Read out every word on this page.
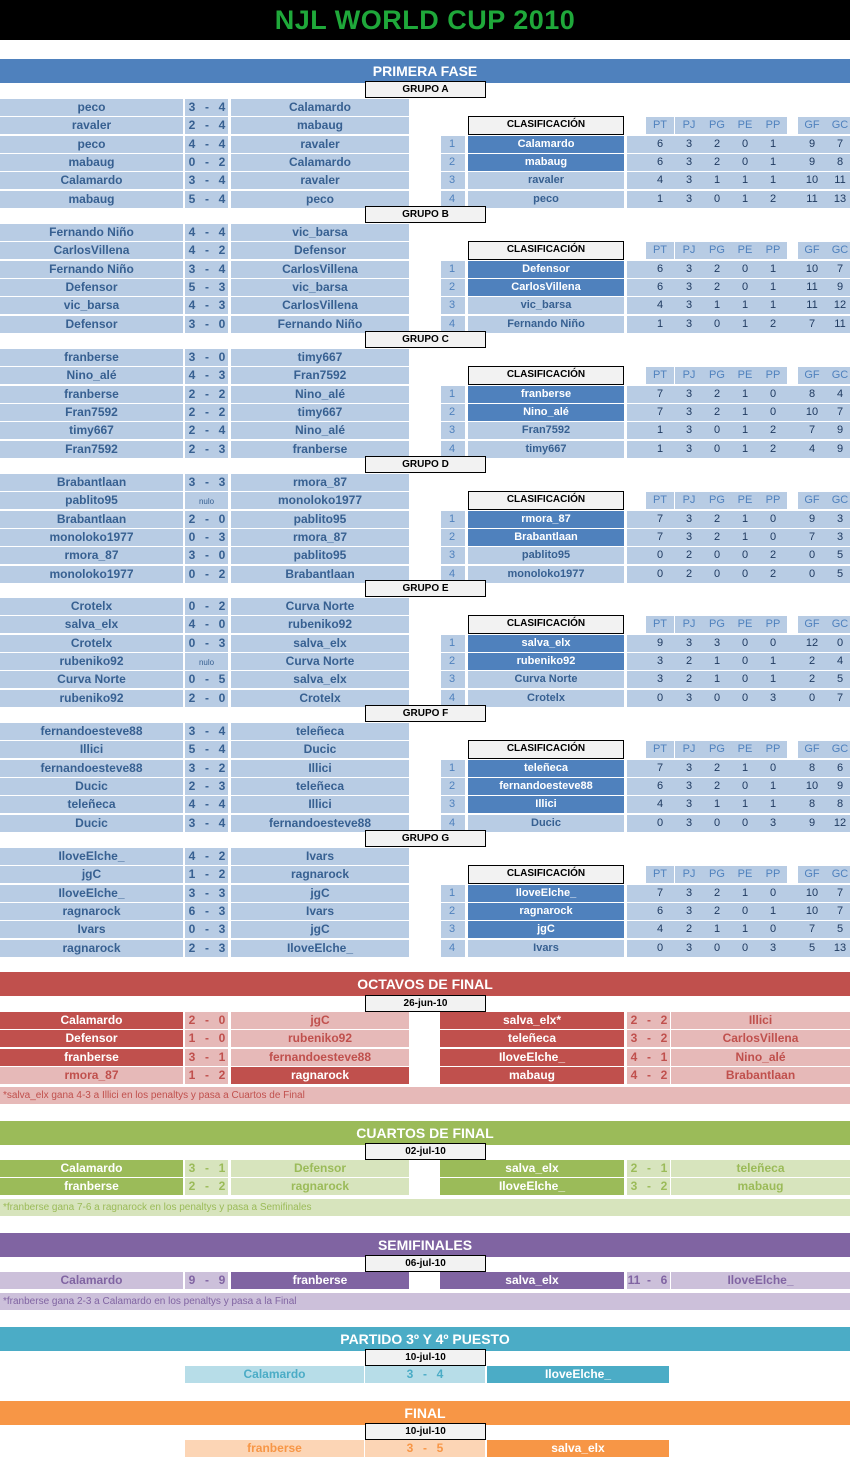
NJL WORLD CUP 2010
PRIMERA FASE
GRUPO A
peco	3 - 4	Calamardo
ravaler	2 - 4	mabaug
peco	4 - 4	ravaler
mabaug	0 - 2	Calamardo
Calamardo	3 - 4	ravaler
mabaug	5 - 4	peco
CLASIFICACIÓN	PT	PJ	PG	PE	PP	GF	GC
1	Calamardo	6	3	2	0	1	9	7
2	mabaug	6	3	2	0	1	9	8
3	ravaler	4	3	1	1	1	10	11
4	peco	1	3	0	1	2	11	13
GRUPO B
Fernando Niño	4 - 4	vic_barsa
CarlosVillena	4 - 2	Defensor
Fernando Niño	3 - 4	CarlosVillena
Defensor	5 - 3	vic_barsa
vic_barsa	4 - 3	CarlosVillena
Defensor	3 - 0	Fernando Niño
CLASIFICACIÓN	PT	PJ	PG	PE	PP	GF	GC
1	Defensor	6	3	2	0	1	10	7
2	CarlosVillena	6	3	2	0	1	11	9
3	vic_barsa	4	3	1	1	1	11	12
4	Fernando Niño	1	3	0	1	2	7	11
GRUPO C
franberse	3 - 0	timy667
Nino_alé	4 - 3	Fran7592
franberse	2 - 2	Nino_alé
Fran7592	2 - 2	timy667
timy667	2 - 4	Nino_alé
Fran7592	2 - 3	franberse
CLASIFICACIÓN	PT	PJ	PG	PE	PP	GF	GC
1	franberse	7	3	2	1	0	8	4
2	Nino_alé	7	3	2	1	0	10	7
3	Fran7592	1	3	0	1	2	7	9
4	timy667	1	3	0	1	2	4	9
GRUPO D
Brabantlaan	3 - 3	rmora_87
pablito95	nulo	monoloko1977
Brabantlaan	2 - 0	pablito95
monoloko1977	0 - 3	rmora_87
rmora_87	3 - 0	pablito95
monoloko1977	0 - 2	Brabantlaan
CLASIFICACIÓN	PT	PJ	PG	PE	PP	GF	GC
1	rmora_87	7	3	2	1	0	9	3
2	Brabantlaan	7	3	2	1	0	7	3
3	pablito95	0	2	0	0	2	0	5
4	monoloko1977	0	2	0	0	2	0	5
GRUPO E
Crotelx	0 - 2	Curva Norte
salva_elx	4 - 0	rubeniko92
Crotelx	0 - 3	salva_elx
rubeniko92	nulo	Curva Norte
Curva Norte	0 - 5	salva_elx
rubeniko92	2 - 0	Crotelx
CLASIFICACIÓN	PT	PJ	PG	PE	PP	GF	GC
1	salva_elx	9	3	3	0	0	12	0
2	rubeniko92	3	2	1	0	1	2	4
3	Curva Norte	3	2	1	0	1	2	5
4	Crotelx	0	3	0	0	3	0	7
GRUPO F
fernandoesteve88	3 - 4	teleñeca
Illici	5 - 4	Ducic
fernandoesteve88	3 - 2	Illici
Ducic	2 - 3	teleñeca
teleñeca	4 - 4	Illici
Ducic	3 - 4	fernandoesteve88
CLASIFICACIÓN	PT	PJ	PG	PE	PP	GF	GC
1	teleñeca	7	3	2	1	0	8	6
2	fernandoesteve88	6	3	2	0	1	10	9
3	Illici	4	3	1	1	1	8	8
4	Ducic	0	3	0	0	3	9	12
GRUPO G
IloveElche_	4 - 2	Ivars
jgC	1 - 2	ragnarock
IloveElche_	3 - 3	jgC
ragnarock	6 - 3	Ivars
Ivars	0 - 3	jgC
ragnarock	2 - 3	IloveElche_
CLASIFICACIÓN	PT	PJ	PG	PE	PP	GF	GC
1	IloveElche_	7	3	2	1	0	10	7
2	ragnarock	6	3	2	0	1	10	7
3	jgC	4	2	1	1	0	7	5
4	Ivars	0	3	0	0	3	5	13
OCTAVOS DE FINAL
26-jun-10
Calamardo	2 - 0	jgC
Defensor	1 - 0	rubeniko92
franberse	3 - 1	fernandoesteve88
rmora_87	1 - 2	ragnarock
salva_elx*	2 - 2	Illici
teleñeca	3 - 2	CarlosVillena
IloveElche_	4 - 1	Nino_alé
mabaug	4 - 2	Brabantlaan
*salva_elx gana 4-3 a Illici en los penaltys y pasa a Cuartos de Final
CUARTOS DE FINAL
02-jul-10
Calamardo	3 - 1	Defensor
franberse	2 - 2	ragnarock
salva_elx	2 - 1	teleñeca
IloveElche_	3 - 2	mabaug
*franberse gana 7-6 a ragnarock en los penaltys y pasa a Semifinales
SEMIFINALES
06-jul-10
Calamardo	9 - 9	franberse	salva_elx	11 - 6	IloveElche_
*franberse gana 2-3 a Calamardo en los penaltys y pasa a la Final
PARTIDO 3º Y 4º PUESTO
10-jul-10
Calamardo	3 - 4	IloveElche_
FINAL
10-jul-10
franberse	3 - 5	salva_elx
